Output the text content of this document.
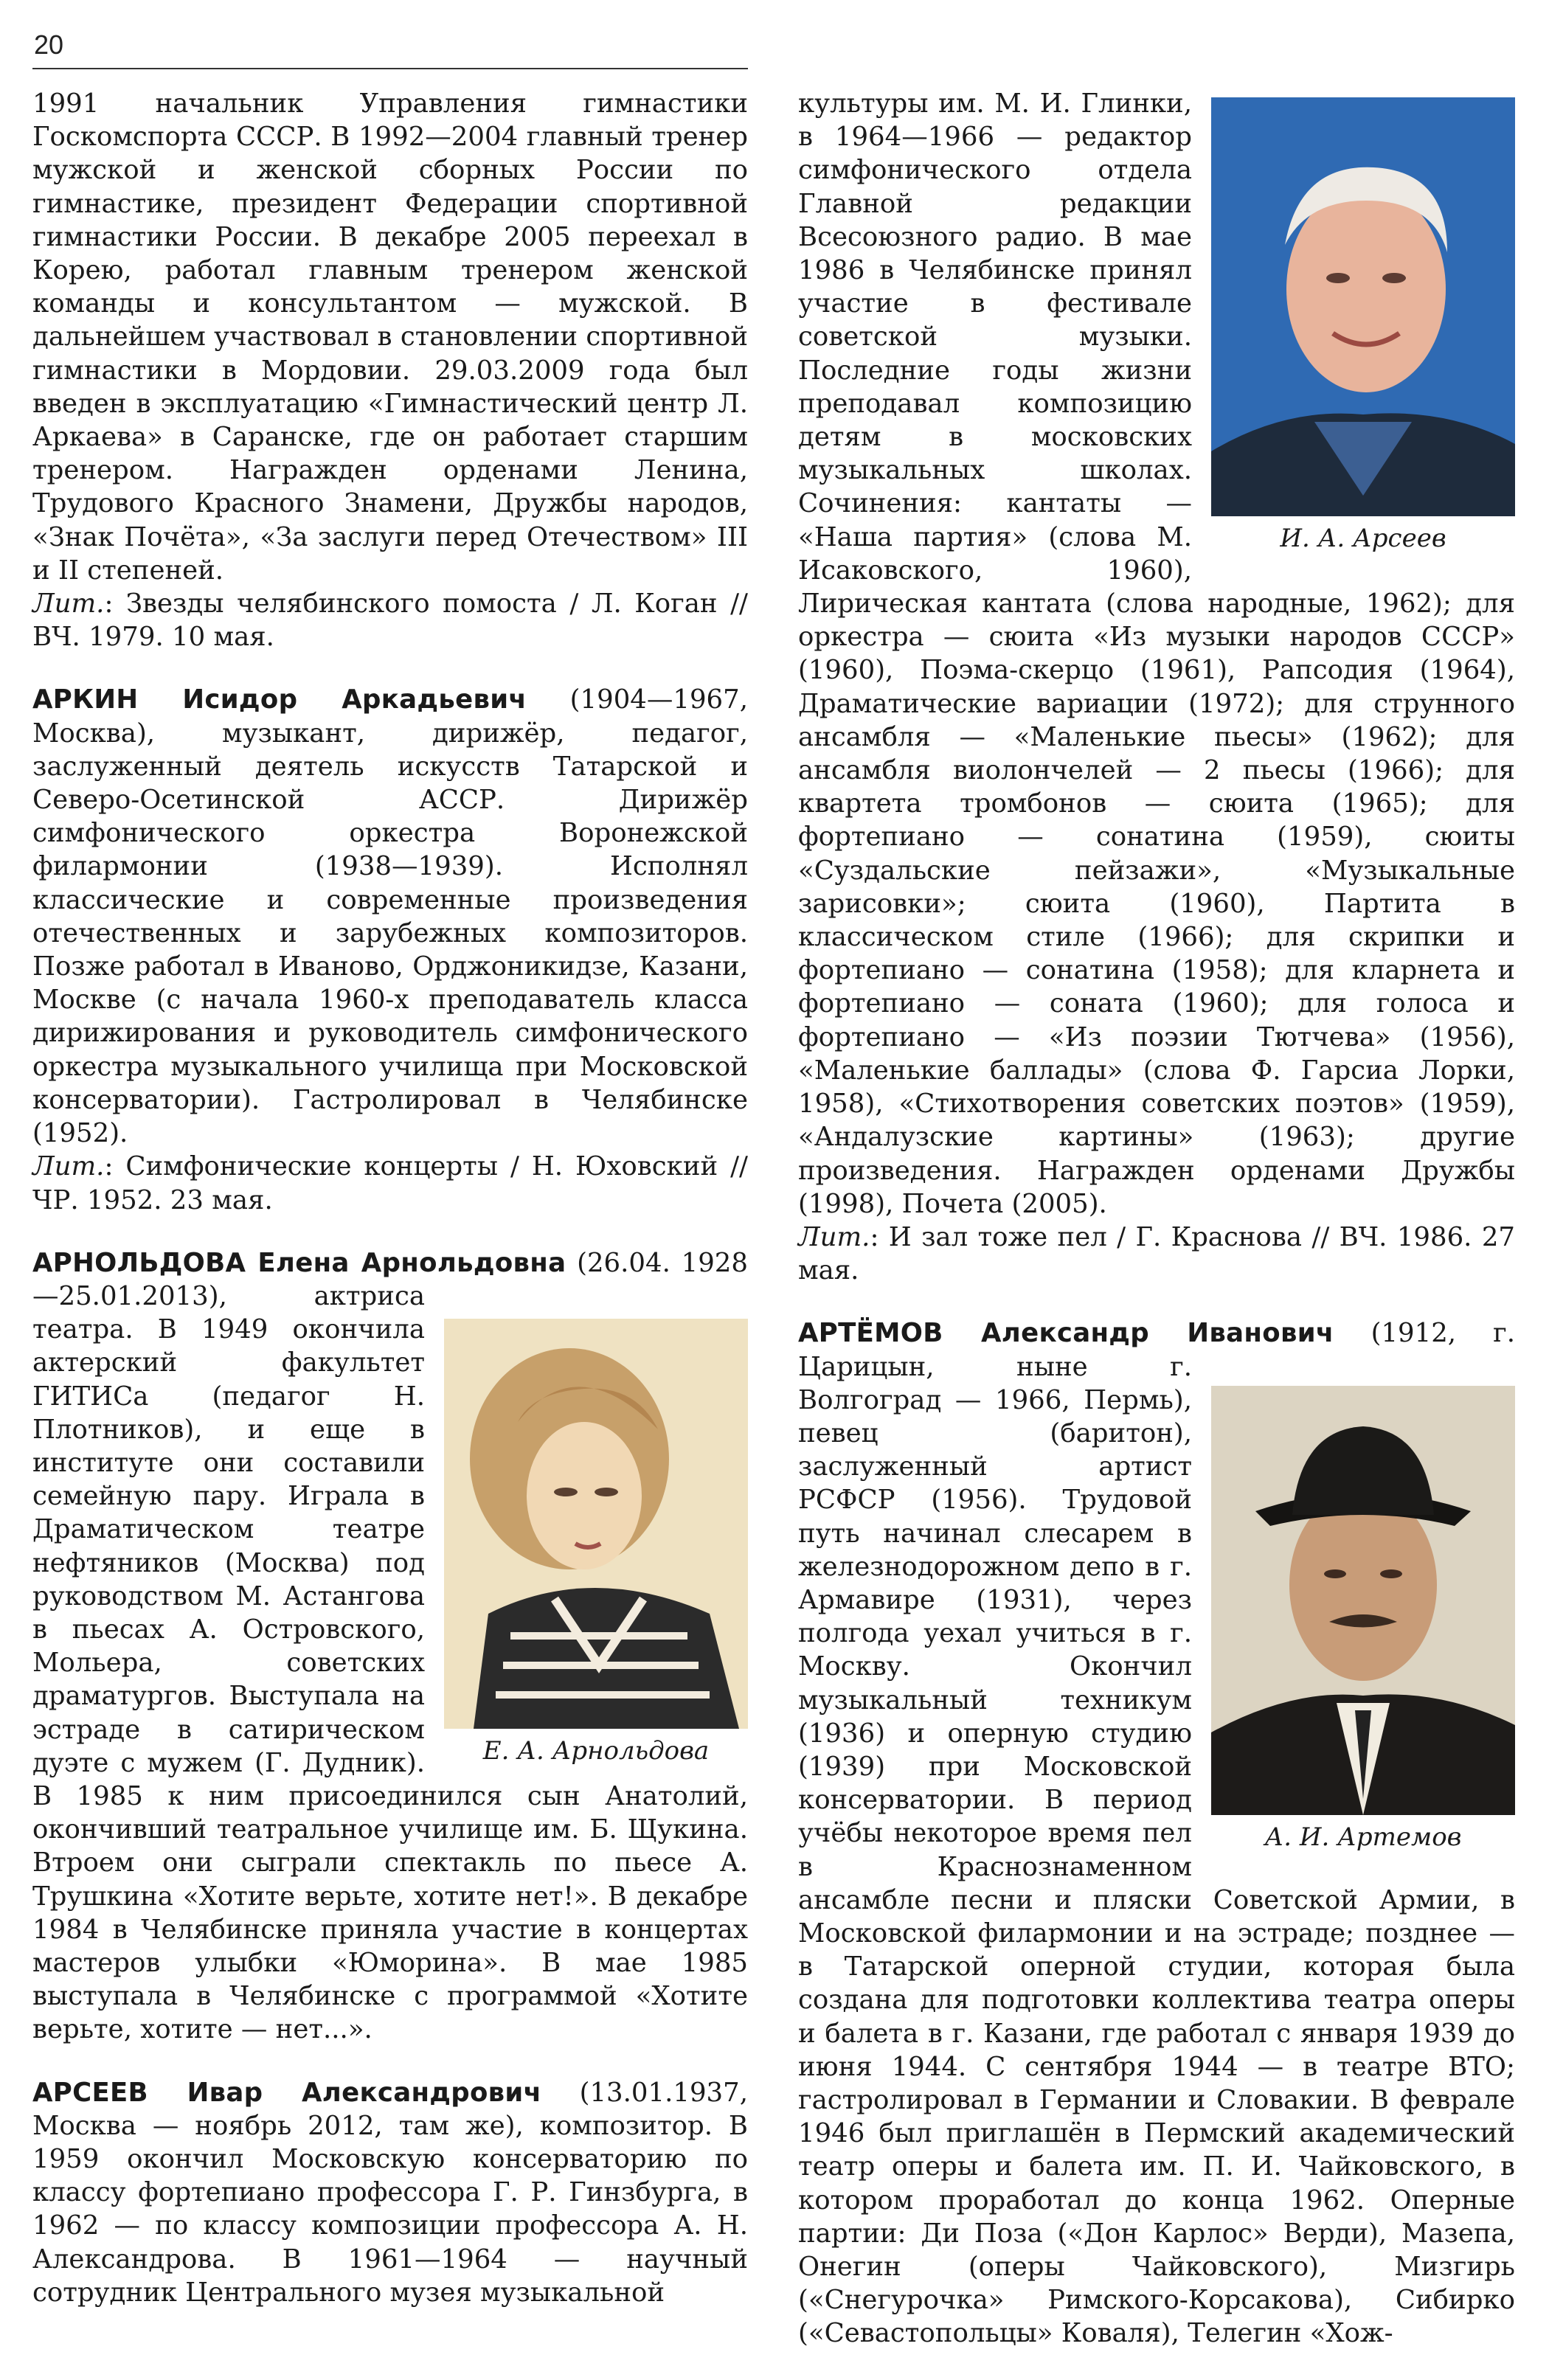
20

1991 начальник Управления гимнастики Госкомспорта СССР. В 1992—2004 главный тренер мужской и женской сборных России по гимнастике, президент Федерации спортивной гимнастики России. В декабре 2005 переехал в Корею, работал главным тренером женской команды и консультантом — мужской. В дальнейшем участвовал в становлении спортивной гимнастики в Мордовии. 29.03.2009 года был введен в эксплуатацию «Гимнастический центр Л. Аркаева» в Саранске, где он работает старшим тренером. Награжден орденами Ленина, Трудового Красного Знамени, Дружбы народов, «Знак Почёта», «За заслуги перед Отечеством» III и II степеней.

Лит.: Звезды челябинского помоста / Л. Коган // ВЧ. 1979. 10 мая.

АРКИН Исидор Аркадьевич (1904—1967, Москва), музыкант, дирижёр, педагог, заслуженный деятель искусств Татарской и Северо-Осетинской АССР. Дирижёр симфонического оркестра Воронежской филармонии (1938—1939). Исполнял классические и современные произведения отечественных и зарубежных композиторов. Позже работал в Иваново, Орджоникидзе, Казани, Москве (с начала 1960-х преподаватель класса дирижирования и руководитель симфонического оркестра музыкального училища при Московской консерватории). Гастролировал в Челябинске (1952).

Лит.: Симфонические концерты / Н. Юховский // ЧР. 1952. 23 мая.

Е. А. Арнольдова

АРНОЛЬДОВА Елена Арнольдовна (26.04. 1928—25.01.2013), актриса театра. В 1949 окончила актерский факультет ГИТИСа (педагог Н. Плотников), и еще в институте они составили семейную пару. Играла в Драматическом театре нефтяников (Москва) под руководством М. Астангова в пьесах А. Островского, Мольера, советских драматургов. Выступала на эстраде в сатирическом дуэте с мужем (Г. Дудник). В 1985 к ним присоединился сын Анатолий, окончивший театральное училище им. Б. Щукина. Втроем они сыграли спектакль по пьесе А. Трушкина «Хотите верьте, хотите нет!». В декабре 1984 в Челябинске приняла участие в концертах мастеров улыбки «Юморина». В мае 1985 выступала в Челябинске с программой «Хотите верьте, хотите — нет...».

АРСЕЕВ Ивар Александрович (13.01.1937, Москва — ноябрь 2012, там же), композитор. В 1959 окончил Московскую консерваторию по классу фортепиано профессора Г. Р. Гинзбурга, в 1962 — по классу композиции профессора А. Н. Александрова. В 1961—1964 — научный сотрудник Центрального музея музыкальной

И. А. Арсеев

культуры им. М. И. Глинки, в 1964—1966 — редактор симфонического отдела Главной редакции Всесоюзного радио. В мае 1986 в Челябинске принял участие в фестивале советской музыки. Последние годы жизни преподавал композицию детям в московских музыкальных школах. Сочинения: кантаты — «Наша партия» (слова М. Исаковского, 1960), Лирическая кантата (слова народные, 1962); для оркестра — сюита «Из музыки народов СССР» (1960), Поэма-скерцо (1961), Рапсодия (1964), Драматические вариации (1972); для струнного ансамбля — «Маленькие пьесы» (1962); для ансамбля виолончелей — 2 пьесы (1966); для квартета тромбонов — сюита (1965); для фортепиано — сонатина (1959), сюиты «Суздальские пейзажи», «Музыкальные зарисовки»; сюита (1960), Партита в классическом стиле (1966); для скрипки и фортепиано — сонатина (1958); для кларнета и фортепиано — соната (1960); для голоса и фортепиано — «Из поэзии Тютчева» (1956), «Маленькие баллады» (слова Ф. Гарсиа Лорки, 1958), «Стихотворения советских поэтов» (1959), «Андалузские картины» (1963); другие произведения. Награжден орденами Дружбы (1998), Почета (2005).

Лит.: И зал тоже пел / Г. Краснова // ВЧ. 1986. 27 мая.

А. И. Артемов

АРТЁМОВ Александр Иванович (1912, г. Царицын, ныне г. Волгоград — 1966, Пермь), певец (баритон), заслуженный артист РСФСР (1956). Трудовой путь начинал слесарем в железнодорожном депо в г. Армавире (1931), через полгода уехал учиться в г. Москву. Окончил музыкальный техникум (1936) и оперную студию (1939) при Московской консерватории. В период учёбы некоторое время пел в Краснознаменном ансамбле песни и пляски Советской Армии, в Московской филармонии и на эстраде; позднее — в Татарской оперной студии, которая была создана для подготовки коллектива театра оперы и балета в г. Казани, где работал с января 1939 до июня 1944. С сентября 1944 — в театре ВТО; гастролировал в Германии и Словакии. В феврале 1946 был приглашён в Пермский академический театр оперы и балета им. П. И. Чайковского, в котором проработал до конца 1962. Оперные партии: Ди Поза («Дон Карлос» Верди), Мазепа, Онегин (оперы Чайковского), Мизгирь («Снегурочка» Римского-Корсакова), Сибирко («Севастопольцы» Коваля), Телегин «Хож-
